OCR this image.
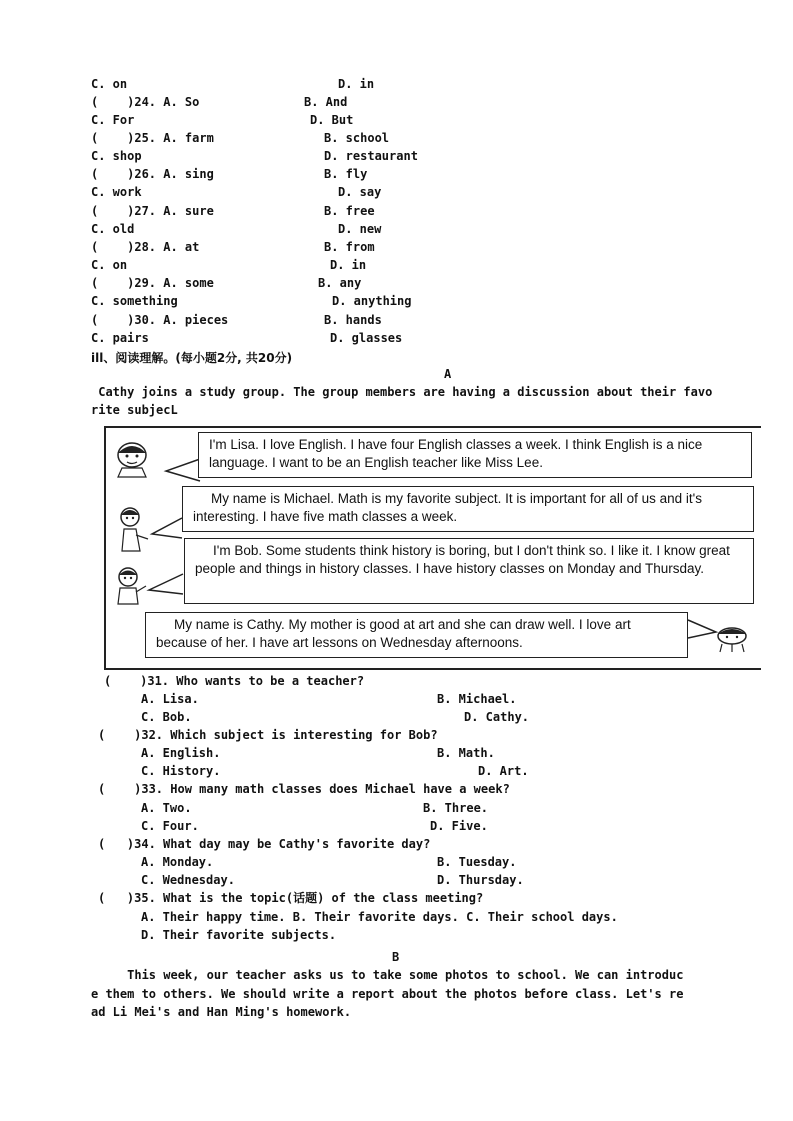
C. on	D. in
(    )24. A. So	B. And
C. For	D. But
(    )25. A. farm	B. school
C. shop	D. restaurant
(    )26. A. sing	B. fly
C. work	D. say
(    )27. A. sure	B. free
C. old	D. new
(    )28. A. at	B. from
C. on	D. in
(    )29. A. some	B. any
C. something	D. anything
(    )30. A. pieces	B. hands
C. pairs	D. glasses
ill、阅读理解。(每小题2分, 共20分)
A
Cathy joins a study group. The group members are having a discussion about their favo
rite subjecL
I'm Lisa. I love English. I have four English classes a week. I think English is a nice language. I want to be an English teacher like Miss Lee.
My name is Michael. Math is my favorite subject. It is important for all of us and it's interesting. I have five math classes a week.
I'm Bob. Some students think history is boring, but I don't think so. I like it. I know great people and things in history classes. I have history classes on Monday and Thursday.
My name is Cathy. My mother is good at art and she can draw well. I love art because of her. I have art lessons on Wednesday afternoons.
(    )31. Who wants to be a teacher?
A. Lisa.	B. Michael.
C. Bob.	D. Cathy.
(    )32. Which subject is interesting for Bob?
A. English.	B. Math.
C. History.	D. Art.
(    )33. How many math classes does Michael have a week?
A. Two.	B. Three.
C. Four.	D. Five.
(   )34. What day may be Cathy's favorite day?
A. Monday.	B. Tuesday.
C. Wednesday.	D. Thursday.
(   )35. What is the topic(话题) of the class meeting?
A. Their happy time. B. Their favorite days. C. Their school days.
D. Their favorite subjects.
B
This week, our teacher asks us to take some photos to school. We can introduc
e them to others. We should write a report about the photos before class. Let's re
ad Li Mei's and Han Ming's homework.
